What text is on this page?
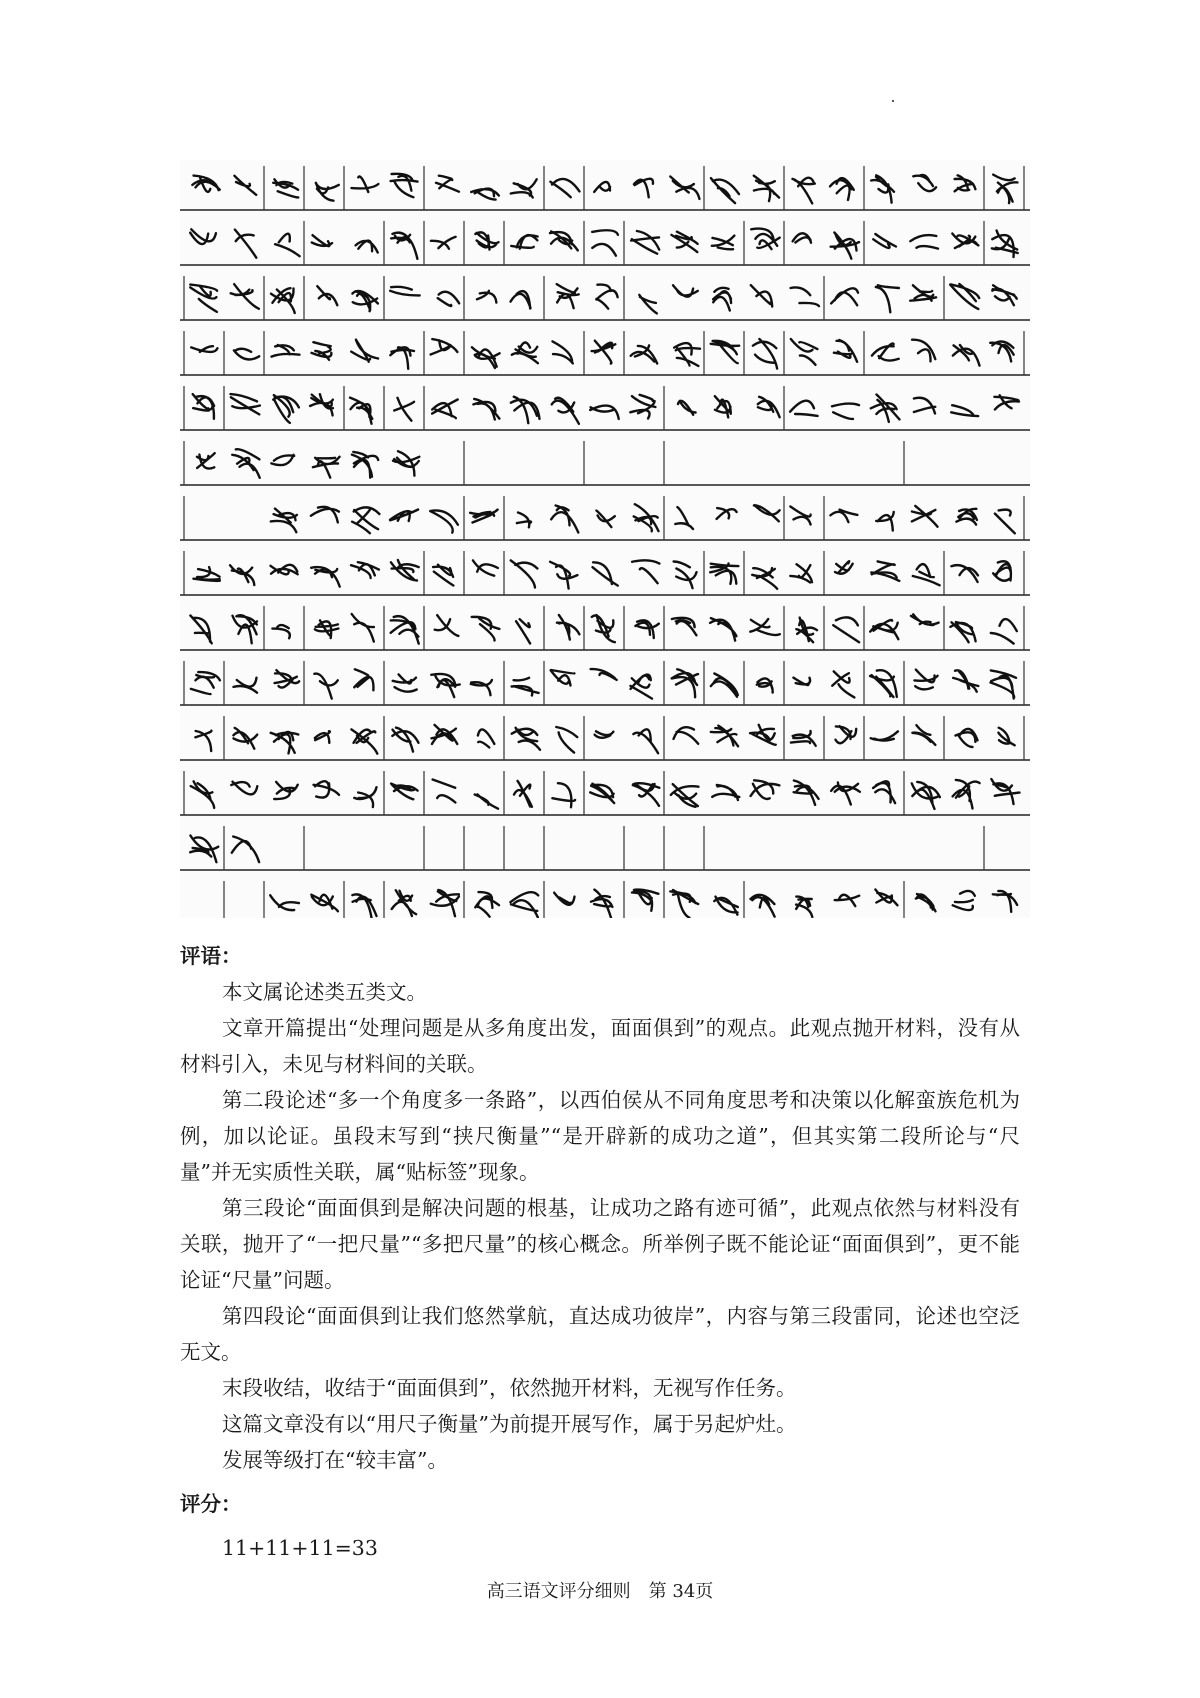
评语：

本文属论述类五类文。

文章开篇提出“处理问题是从多角度出发，面面俱到”的观点。此观点抛开材料，没有从材料引入，未见与材料间的关联。

第二段论述“多一个角度多一条路”，以西伯侯从不同角度思考和决策以化解蛮族危机为例，加以论证。虽段末写到“挟尺衡量”“是开辟新的成功之道”，但其实第二段所论与“尺量”并无实质性关联，属“贴标签”现象。

第三段论“面面俱到是解决问题的根基，让成功之路有迹可循”，此观点依然与材料没有关联，抛开了“一把尺量”“多把尺量”的核心概念。所举例子既不能论证“面面俱到”，更不能论证“尺量”问题。

第四段论“面面俱到让我们悠然掌航，直达成功彼岸”，内容与第三段雷同，论述也空泛无文。

末段收结，收结于“面面俱到”，依然抛开材料，无视写作任务。

这篇文章没有以“用尺子衡量”为前提开展写作，属于另起炉灶。

发展等级打在“较丰富”。

评分：

11+11+11=33

高三语文评分细则　第 34页
